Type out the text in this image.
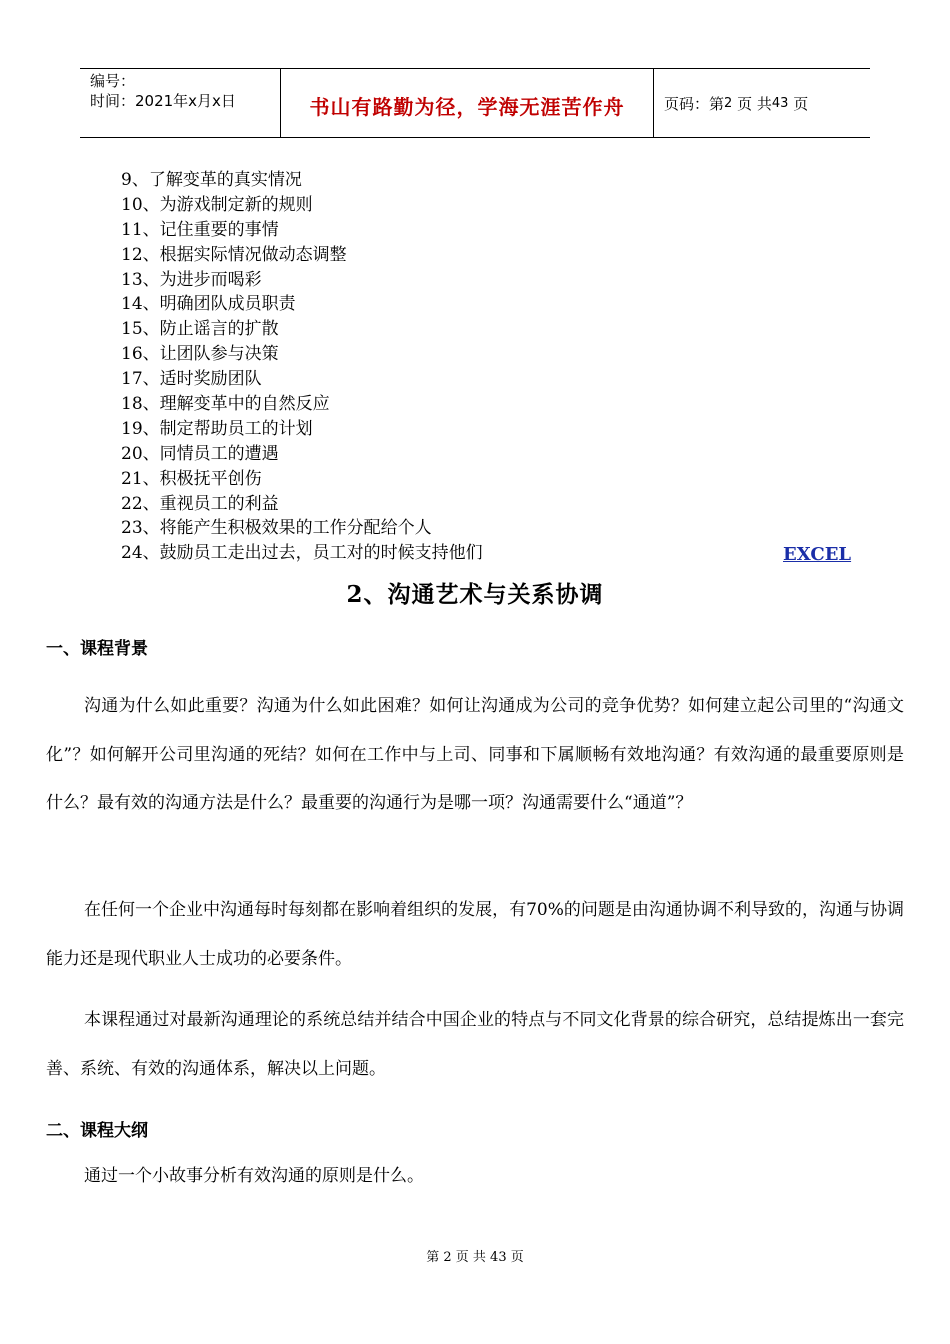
编号：
时间：2021年x月x日	书山有路勤为径，学海无涯苦作舟	页码：第 2
页 共 43
页
9、了解变革的真实情况
10、为游戏制定新的规则
11、记住重要的事情
12、根据实际情况做动态调整
13、为进步而喝彩
14、明确团队成员职责
15、防止谣言的扩散
16、让团队参与决策
17、适时奖励团队
18、理解变革中的自然反应
19、制定帮助员工的计划
20、同情员工的遭遇
21、积极抚平创伤
22、重视员工的利益
23、将能产生积极效果的工作分配给个人
24、鼓励员工走出过去，员工对的时候支持他们	EXCEL
2、沟通艺术与关系协调
一、课程背景

沟通为什么如此重要？沟通为什么如此困难？如何让沟通成为公司的竞争优势？如何建立起公司里的“沟通文化”？如何解开公司里沟通的死结？如何在工作中与上司、同事和下属顺畅有效地沟通？有效沟通的最重要原则是什么？最有效的沟通方法是什么？最重要的沟通行为是哪一项？沟通需要什么“通道”？

在任何一个企业中沟通每时每刻都在影响着组织的发展，有70%的问题是由沟通协调不利导致的，沟通与协调能力还是现代职业人士成功的必要条件。

本课程通过对最新沟通理论的系统总结并结合中国企业的特点与不同文化背景的综合研究，总结提炼出一套完善、系统、有效的沟通体系，解决以上问题。

二、课程大纲

通过一个小故事分析有效沟通的原则是什么。

第 2 页 共 43 页
